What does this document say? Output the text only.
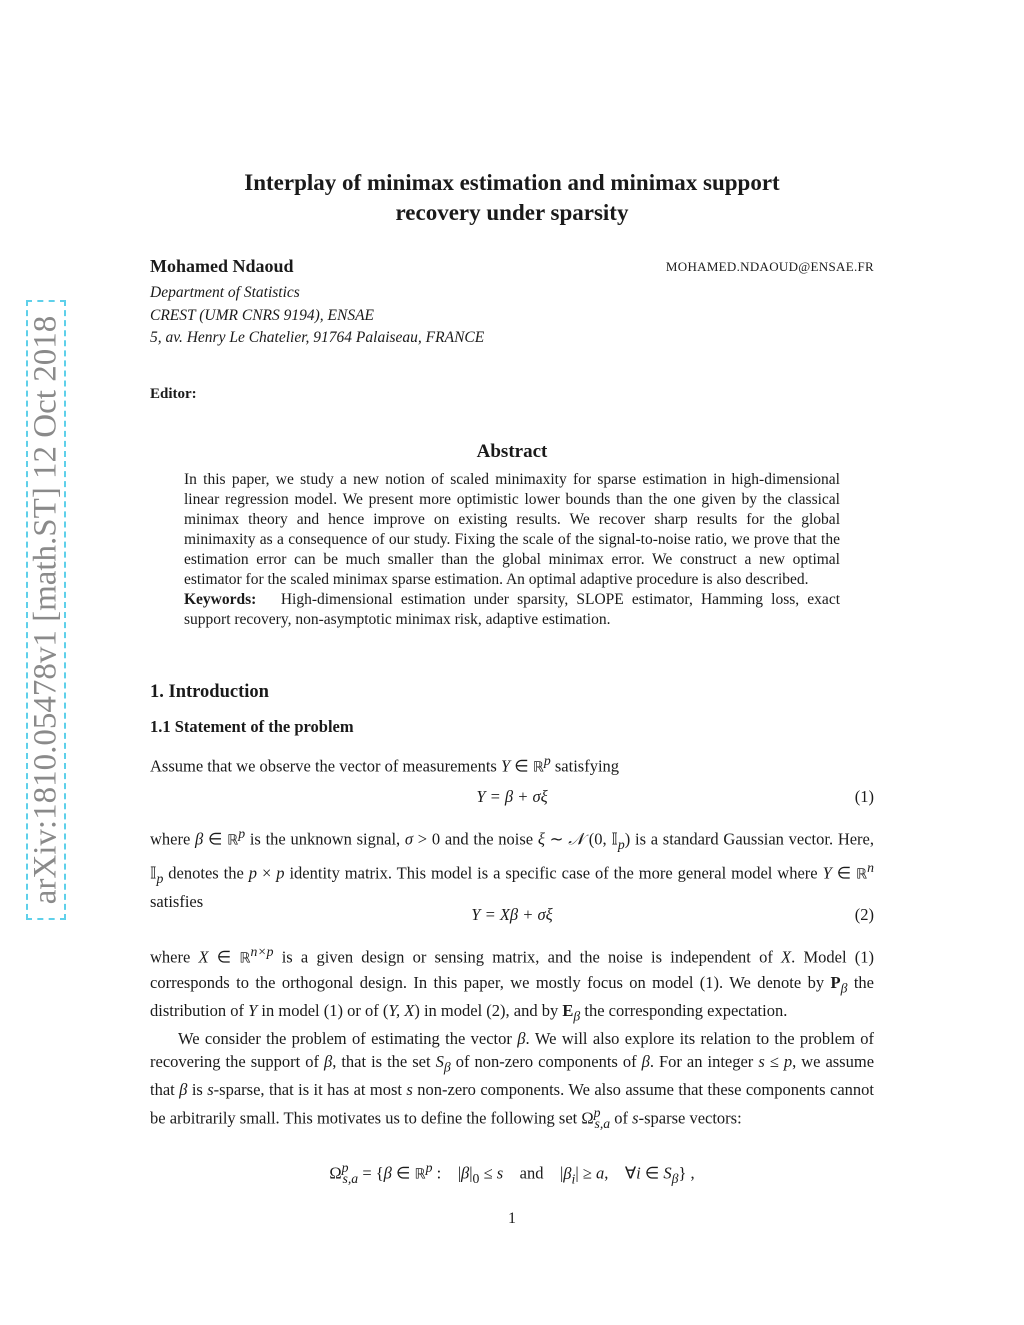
arXiv:1810.05478v1 [math.ST] 12 Oct 2018
Interplay of minimax estimation and minimax support
recovery under sparsity
Mohamed Ndaoud	MOHAMED.NDAOUD@ENSAE.FR
Department of Statistics
CREST (UMR CNRS 9194), ENSAE
5, av. Henry Le Chatelier, 91764 Palaiseau, FRANCE
Editor:
Abstract

In this paper, we study a new notion of scaled minimaxity for sparse estimation in high-dimensional linear regression model. We present more optimistic lower bounds than the one given by the classical minimax theory and hence improve on existing results. We recover sharp results for the global minimaxity as a consequence of our study. Fixing the scale of the signal-to-noise ratio, we prove that the estimation error can be much smaller than the global minimax error. We construct a new optimal estimator for the scaled minimax sparse estimation. An optimal adaptive procedure is also described.

Keywords: High-dimensional estimation under sparsity, SLOPE estimator, Hamming loss, exact support recovery, non-asymptotic minimax risk, adaptive estimation.

1. Introduction
1.1 Statement of the problem

Assume that we observe the vector of measurements Y ∈ ℝ$^p$ satisfying

Y = β + σξ	(1)

where β ∈ ℝ$^p$ is the unknown signal, σ > 0 and the noise ξ ∼ 𝒩 (0, 𝕀$_p$) is a standard Gaussian vector. Here, 𝕀$_p$ denotes the p × p identity matrix. This model is a specific case of the more general model where Y ∈ ℝ$^n$ satisfies

Y = Xβ + σξ	(2)

where X ∈ ℝ$^{n\times p}$ is a given design or sensing matrix, and the noise is independent of X. Model (1) corresponds to the orthogonal design. In this paper, we mostly focus on model (1). We denote by $P_\beta$ the distribution of Y in model (1) or of (Y, X) in model (2), and by $E_\beta$ the corresponding expectation.

We consider the problem of estimating the vector β. We will also explore its relation to the problem of recovering the support of β, that is the set $S_\beta$ of non-zero components of β. For an integer s ≤ p, we assume that β is s-sparse, that is it has at most s non-zero components. We also assume that these components cannot be arbitrarily small. This motivates us to define the following set $\Omega^p_{s,a}$ of s-sparse vectors:

$\Omega^p_{s,a} = \{\beta$ ∈ ℝ$^p$ :    $|\beta|_0 \le s$    and    $|\beta_i| \ge a$,    ∀i ∈ $S_\beta$} ,
1
